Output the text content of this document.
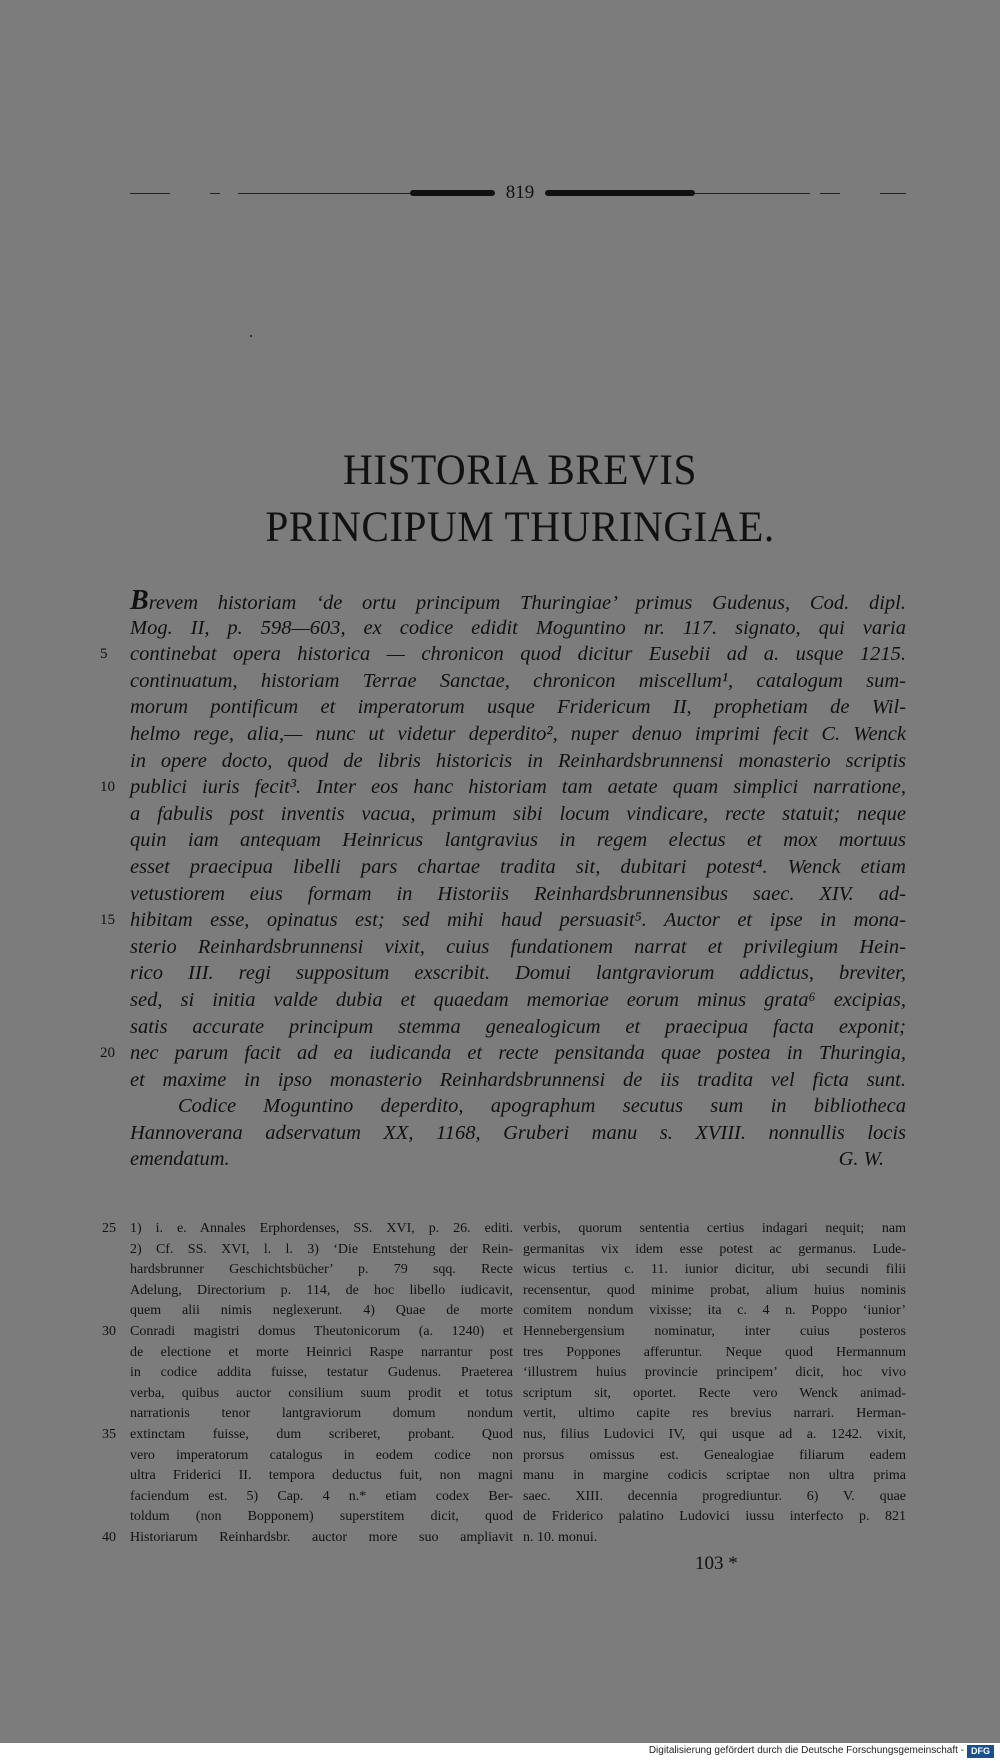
819
HISTORIA BREVIS
PRINCIPUM THURINGIAE.
Brevem historiam ‘de ortu principum Thuringiae’ primus Gudenus, Cod. dipl.
Mog. II, p. 598—603, ex codice edidit Moguntino nr. 117. signato, qui varia
5 continebat opera historica — chronicon quod dicitur Eusebii ad a. usque 1215.
continuatum, historiam Terrae Sanctae, chronicon miscellum¹, catalogum sum-
morum pontificum et imperatorum usque Fridericum II, prophetiam de Wil-
helmo rege, alia,— nunc ut videtur deperdito², nuper denuo imprimi fecit C. Wenck
in opere docto, quod de libris historicis in Reinhardsbrunnensi monasterio scriptis
10 publici iuris fecit³. Inter eos hanc historiam tam aetate quam simplici narratione,
a fabulis post inventis vacua, primum sibi locum vindicare, recte statuit; neque
quin iam antequam Heinricus lantgravius in regem electus et mox mortuus
esset praecipua libelli pars chartae tradita sit, dubitari potest⁴. Wenck etiam
vetustiorem eius formam in Historiis Reinhardsbrunnensibus saec. XIV. ad-
15 hibitam esse, opinatus est; sed mihi haud persuasit⁵. Auctor et ipse in mona-
sterio Reinhardsbrunnensi vixit, cuius fundationem narrat et privilegium Hein-
rico III. regi suppositum exscribit. Domui lantgraviorum addictus, breviter,
sed, si initia valde dubia et quaedam memoriae eorum minus grata⁶ excipias,
satis accurate principum stemma genealogicum et praecipua facta exponit;
20 nec parum facit ad ea iudicanda et recte pensitanda quae postea in Thuringia,
et maxime in ipso monasterio Reinhardsbrunnensi de iis tradita vel ficta sunt.
Codice Moguntino deperdito, apographum secutus sum in bibliotheca
Hannoverana adservatum XX, 1168, Gruberi manu s. XVIII. nonnullis locis
emendatum.	G. W.
25 1) i. e. Annales Erphordenses, SS. XVI, p. 26. editi.
2) Cf. SS. XVI, l. l. 3) ‘Die Entstehung der Rein-
hardsbrunner Geschichtsbücher’ p. 79 sqq. Recte
Adelung, Directorium p. 114, de hoc libello iudicavit,
quem alii nimis neglexerunt. 4) Quae de morte
30 Conradi magistri domus Theutonicorum (a. 1240) et
de electione et morte Heinrici Raspe narrantur post
in codice addita fuisse, testatur Gudenus. Praeterea
verba, quibus auctor consilium suum prodit et totus
narrationis tenor lantgraviorum domum nondum
35 extinctam fuisse, dum scriberet, probant. Quod
vero imperatorum catalogus in eodem codice non
ultra Friderici II. tempora deductus fuit, non magni
faciendum est. 5) Cap. 4 n.* etiam codex Ber-
toldum (non Bopponem) superstitem dicit, quod
40 Historiarum Reinhardsbr. auctor more suo ampliavit
verbis, quorum sententia certius indagari nequit; nam
germanitas vix idem esse potest ac germanus. Lude-
wicus tertius c. 11. iunior dicitur, ubi secundi filii
recensentur, quod minime probat, alium huius nominis
comitem nondum vixisse; ita c. 4 n. Poppo ‘iunior’
Hennebergensium nominatur, inter cuius posteros
tres Poppones afferuntur. Neque quod Hermannum
‘illustrem huius provincie principem’ dicit, hoc vivo
scriptum sit, oportet. Recte vero Wenck animad-
vertit, ultimo capite res brevius narrari. Herman-
nus, filius Ludovici IV, qui usque ad a. 1242. vixit,
prorsus omissus est. Genealogiae filiarum eadem
manu in margine codicis scriptae non ultra prima
saec. XIII. decennia progrediuntur. 6) V. quae
de Friderico palatino Ludovici iussu interfecto p. 821
n. 10. monui.
103 *
Digitalisierung gefördert durch die Deutsche Forschungsgemeinschaft - DFG
